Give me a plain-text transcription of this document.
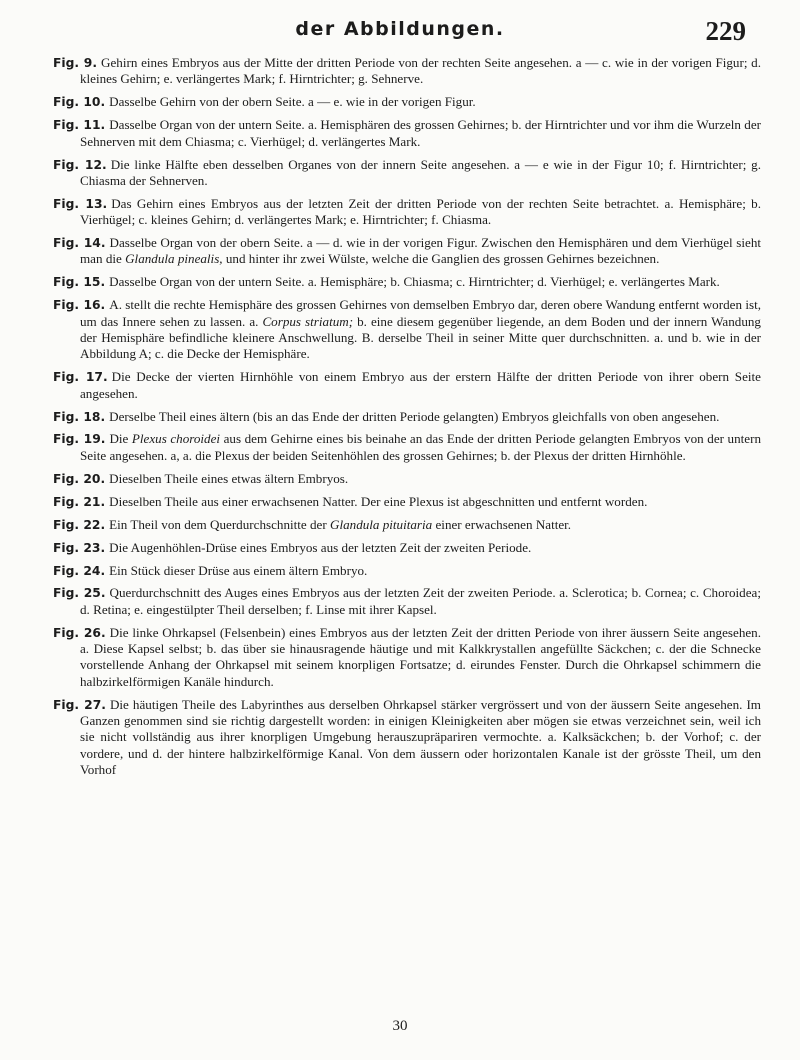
der Abbildungen.	229

Fig. 9. Gehirn eines Embryos aus der Mitte der dritten Periode von der rechten Seite angesehen. a — c. wie in der vorigen Figur; d. kleines Gehirn; e. verlängertes Mark; f. Hirntrichter; g. Sehnerve.

Fig. 10. Dasselbe Gehirn von der obern Seite. a — e. wie in der vorigen Figur.

Fig. 11. Dasselbe Organ von der untern Seite. a. Hemisphären des grossen Gehirnes; b. der Hirntrichter und vor ihm die Wurzeln der Sehnerven mit dem Chiasma; c. Vierhügel; d. verlängertes Mark.

Fig. 12. Die linke Hälfte eben desselben Organes von der innern Seite angesehen. a — e wie in der Figur 10; f. Hirntrichter; g. Chiasma der Sehnerven.

Fig. 13. Das Gehirn eines Embryos aus der letzten Zeit der dritten Periode von der rechten Seite betrachtet. a. Hemisphäre; b. Vierhügel; c. kleines Gehirn; d. verlängertes Mark; e. Hirntrichter; f. Chiasma.

Fig. 14. Dasselbe Organ von der obern Seite. a — d. wie in der vorigen Figur. Zwischen den Hemisphären und dem Vierhügel sieht man die Glandula pinealis, und hinter ihr zwei Wülste, welche die Ganglien des grossen Gehirnes bezeichnen.

Fig. 15. Dasselbe Organ von der untern Seite. a. Hemisphäre; b. Chiasma; c. Hirntrichter; d. Vierhügel; e. verlängertes Mark.

Fig. 16. A. stellt die rechte Hemisphäre des grossen Gehirnes von demselben Embryo dar, deren obere Wandung entfernt worden ist, um das Innere sehen zu lassen. a. Corpus striatum; b. eine diesem gegenüber liegende, an dem Boden und der innern Wandung der Hemisphäre befindliche kleinere Anschwellung. B. derselbe Theil in seiner Mitte quer durchschnitten. a. und b. wie in der Abbildung A; c. die Decke der Hemisphäre.

Fig. 17. Die Decke der vierten Hirnhöhle von einem Embryo aus der erstern Hälfte der dritten Periode von ihrer obern Seite angesehen.

Fig. 18. Derselbe Theil eines ältern (bis an das Ende der dritten Periode gelangten) Embryos gleichfalls von oben angesehen.

Fig. 19. Die Plexus choroidei aus dem Gehirne eines bis beinahe an das Ende der dritten Periode gelangten Embryos von der untern Seite angesehen. a, a. die Plexus der beiden Seitenhöhlen des grossen Gehirnes; b. der Plexus der dritten Hirnhöhle.

Fig. 20. Dieselben Theile eines etwas ältern Embryos.

Fig. 21. Dieselben Theile aus einer erwachsenen Natter. Der eine Plexus ist abgeschnitten und entfernt worden.

Fig. 22. Ein Theil von dem Querdurchschnitte der Glandula pituitaria einer erwachsenen Natter.

Fig. 23. Die Augenhöhlen-Drüse eines Embryos aus der letzten Zeit der zweiten Periode.

Fig. 24. Ein Stück dieser Drüse aus einem ältern Embryo.

Fig. 25. Querdurchschnitt des Auges eines Embryos aus der letzten Zeit der zweiten Periode. a. Sclerotica; b. Cornea; c. Choroidea; d. Retina; e. eingestülpter Theil derselben; f. Linse mit ihrer Kapsel.

Fig. 26. Die linke Ohrkapsel (Felsenbein) eines Embryos aus der letzten Zeit der dritten Periode von ihrer äussern Seite angesehen. a. Diese Kapsel selbst; b. das über sie hinausragende häutige und mit Kalkkrystallen angefüllte Säckchen; c. der die Schnecke vorstellende Anhang der Ohrkapsel mit seinem knorpligen Fortsatze; d. eirundes Fenster. Durch die Ohrkapsel schimmern die halbzirkelförmigen Kanäle hindurch.

Fig. 27. Die häutigen Theile des Labyrinthes aus derselben Ohrkapsel stärker vergrössert und von der äussern Seite angesehen. Im Ganzen genommen sind sie richtig dargestellt worden: in einigen Kleinigkeiten aber mögen sie etwas verzeichnet sein, weil ich sie nicht vollständig aus ihrer knorpligen Umgebung herauszupräpariren vermochte. a. Kalksäckchen; b. der Vorhof; c. der vordere, und d. der hintere halbzirkelförmige Kanal. Von dem äussern oder horizontalen Kanale ist der grösste Theil, um den Vorhof

30
